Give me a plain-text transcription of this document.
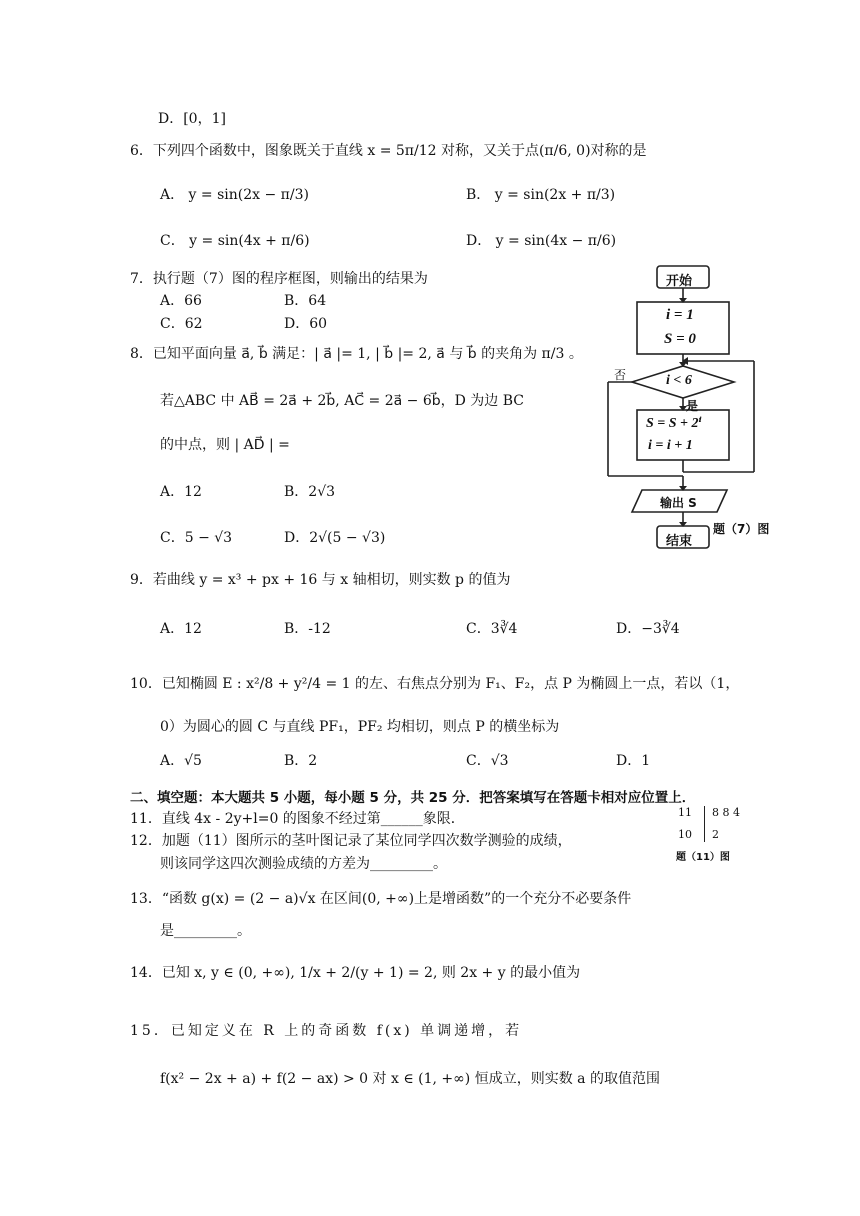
D．[0，1]
6．下列四个函数中，图象既关于直线 x = 5π/12 对称，又关于点(π/6, 0)对称的是
A． y = sin(2x − π/3)	B． y = sin(2x + π/3)
C． y = sin(4x + π/6)	D． y = sin(4x − π/6)
7．执行题（7）图的程序框图，则输出的结果为
A．66	B．64
C．62	D．60
8．已知平面向量 a⃗, b⃗ 满足：| a⃗ |= 1, | b⃗ |= 2, a⃗ 与 b⃗ 的夹角为 π/3 。
若△ABC 中 AB⃗ = 2a⃗ + 2b⃗, AC⃗ = 2a⃗ − 6b⃗，D 为边 BC
的中点，则 | AD⃗ | =
A．12	B．2√3
C．5 − √3	D．2√(5 − √3)
9．若曲线 y = x³ + px + 16 与 x 轴相切，则实数 p 的值为
A．12	B．-12	C．3∛4	D．−3∛4
10．已知椭圆 E : x²/8 + y²/4 = 1 的左、右焦点分别为 F₁、F₂，点 P 为椭圆上一点，若以（1，
0）为圆心的圆 C 与直线 PF₁，PF₂ 均相切，则点 P 的横坐标为
A．√5	B．2	C．√3	D．1
二、填空题：本大题共 5 小题，每小题 5 分，共 25 分．把答案填写在答题卡相对应位置上．
11．直线 4x - 2y+l=0 的图象不经过第______象限．
12．加题（11）图所示的茎叶图记录了某位同学四次数学测验的成绩，
则该同学这四次测验成绩的方差为_________。
13．“函数 g(x) = (2 − a)√x 在区间(0, +∞)上是增函数”的一个充分不必要条件
是_________。
14．已知 x, y ∈ (0, +∞), 1/x + 2/(y + 1) = 2, 则 2x + y 的最小值为
15．已知定义在 R 上的奇函数 f(x) 单调递增，若
f(x² − 2x + a) + f(2 − ax) > 0 对 x ∈ (1, +∞) 恒成立，则实数 a 的取值范围
开始
i = 1
S = 0
i < 6
否
是
S = S + 2ⁱ
i = i + 1
输出 S
结束
题（7）图
11 8 8 4
10 2
题（11）图
